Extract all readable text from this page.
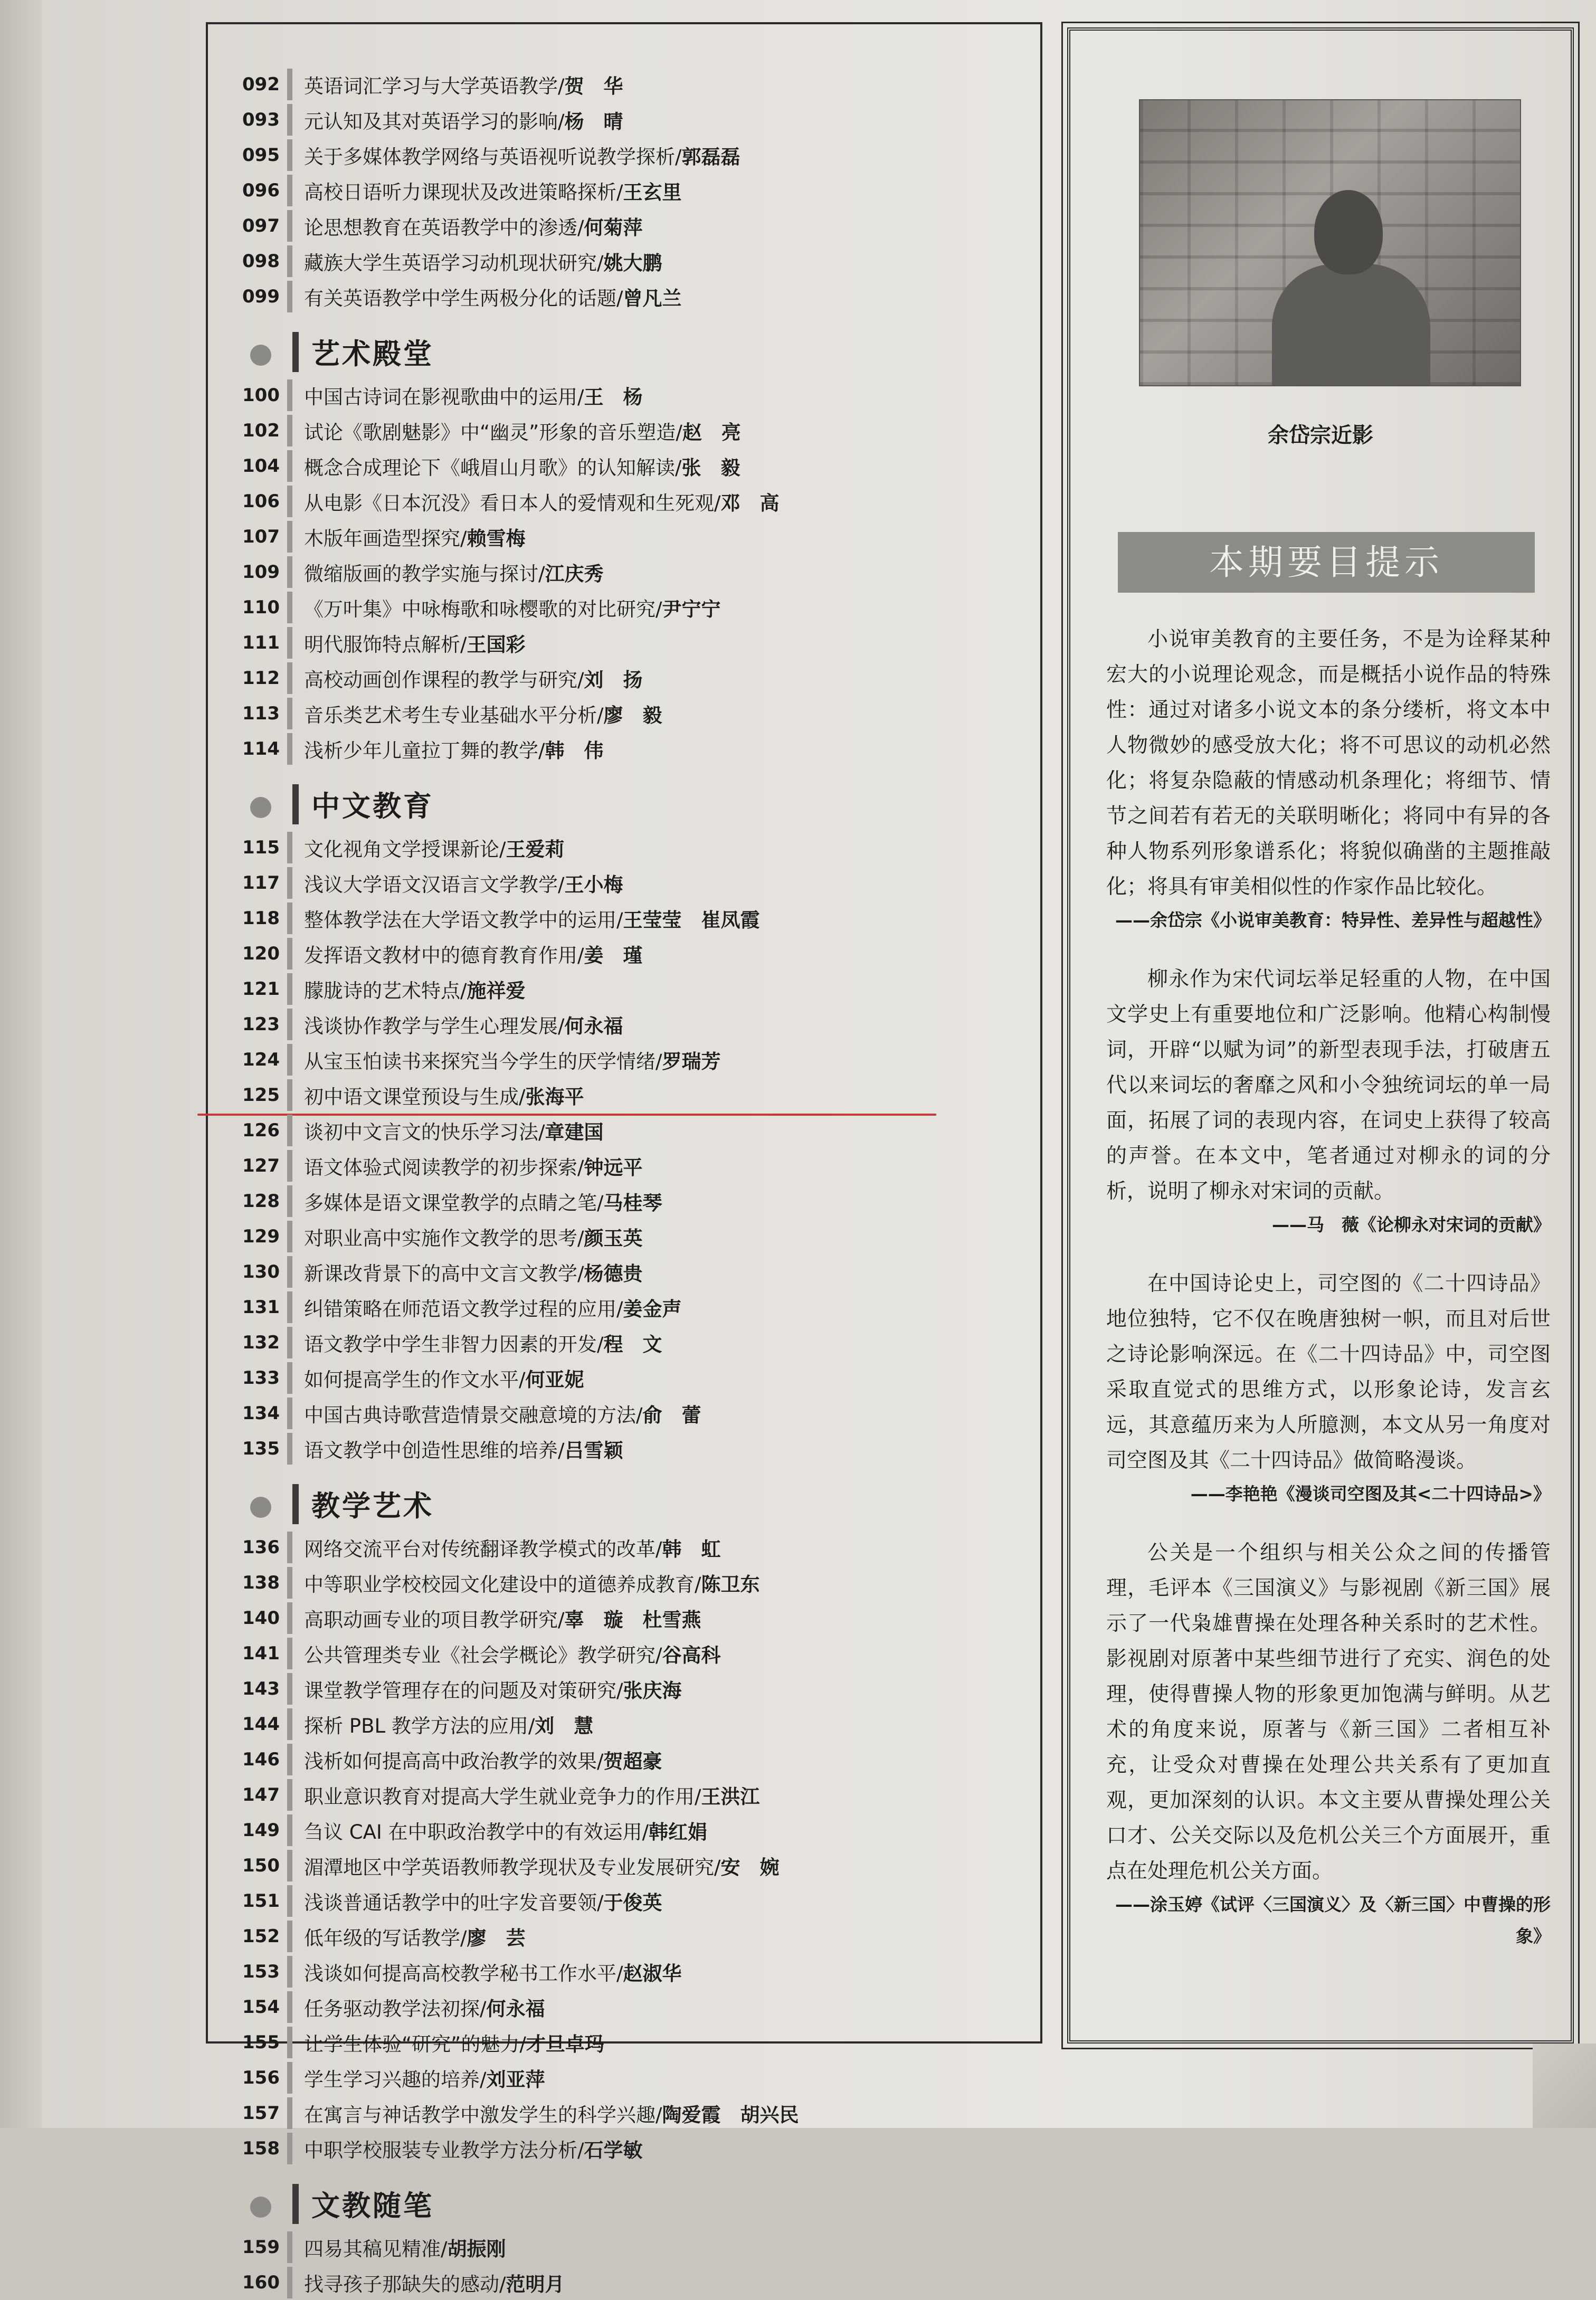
092	英语词汇学习与大学英语教学/ 贺　华
093	元认知及其对英语学习的影响/ 杨　晴
095	关于多媒体教学网络与英语视听说教学探析/ 郭磊磊
096	高校日语听力课现状及改进策略探析/ 王玄里
097	论思想教育在英语教学中的渗透/ 何菊萍
098	藏族大学生英语学习动机现状研究/ 姚大鹏
099	有关英语教学中学生两极分化的话题/ 曾凡兰
艺术殿堂
100	中国古诗词在影视歌曲中的运用/ 王　杨
102	试论《歌剧魅影》中“幽灵”形象的音乐塑造/ 赵　亮
104	概念合成理论下《峨眉山月歌》的认知解读/ 张　毅
106	从电影《日本沉没》看日本人的爱情观和生死观/ 邓　高
107	木版年画造型探究/ 赖雪梅
109	微缩版画的教学实施与探讨/ 江庆秀
110	《万叶集》中咏梅歌和咏樱歌的对比研究/ 尹宁宁
111	明代服饰特点解析/ 王国彩
112	高校动画创作课程的教学与研究/ 刘　扬
113	音乐类艺术考生专业基础水平分析/ 廖　毅
114	浅析少年儿童拉丁舞的教学/ 韩　伟
中文教育
115	文化视角文学授课新论/ 王爱莉
117	浅议大学语文汉语言文学教学/ 王小梅
118	整体教学法在大学语文教学中的运用/ 王莹莹　崔凤霞
120	发挥语文教材中的德育教育作用/ 姜　瑾
121	朦胧诗的艺术特点/ 施祥爱
123	浅谈协作教学与学生心理发展/ 何永福
124	从宝玉怕读书来探究当今学生的厌学情绪/ 罗瑞芳
125	初中语文课堂预设与生成/ 张海平
126	谈初中文言文的快乐学习法/ 章建国
127	语文体验式阅读教学的初步探索/ 钟远平
128	多媒体是语文课堂教学的点睛之笔/ 马桂琴
129	对职业高中实施作文教学的思考/ 颜玉英
130	新课改背景下的高中文言文教学/ 杨德贵
131	纠错策略在师范语文教学过程的应用/ 姜金声
132	语文教学中学生非智力因素的开发/ 程　文
133	如何提高学生的作文水平/ 何亚妮
134	中国古典诗歌营造情景交融意境的方法/ 俞　蕾
135	语文教学中创造性思维的培养/ 吕雪颖
教学艺术
136	网络交流平台对传统翻译教学模式的改革/ 韩　虹
138	中等职业学校校园文化建设中的道德养成教育/ 陈卫东
140	高职动画专业的项目教学研究/ 辜　璇　杜雪燕
141	公共管理类专业《社会学概论》教学研究/ 谷高科
143	课堂教学管理存在的问题及对策研究/ 张庆海
144	探析 PBL 教学方法的应用/ 刘　慧
146	浅析如何提高高中政治教学的效果/ 贺超豪
147	职业意识教育对提高大学生就业竞争力的作用/ 王洪江
149	刍议 CAI 在中职政治教学中的有效运用/ 韩红娟
150	湄潭地区中学英语教师教学现状及专业发展研究/ 安　婉
151	浅谈普通话教学中的吐字发音要领/ 于俊英
152	低年级的写话教学/ 廖　芸
153	浅谈如何提高高校教学秘书工作水平/ 赵淑华
154	任务驱动教学法初探/ 何永福
155	让学生体验“研究”的魅力/ 才旦卓玛
156	学生学习兴趣的培养/ 刘亚萍
157	在寓言与神话教学中激发学生的科学兴趣/ 陶爱霞　胡兴民
158	中职学校服装专业教学方法分析/ 石学敏
文教随笔
159	四易其稿见精准/ 胡振刚
160	找寻孩子那缺失的感动/ 范明月
余岱宗近影
本期要目提示
小说审美教育的主要任务，不是为诠释某种宏大的小说理论观念，而是概括小说作品的特殊性：通过对诸多小说文本的条分缕析，将文本中人物微妙的感受放大化；将不可思议的动机必然化；将复杂隐蔽的情感动机条理化；将细节、情节之间若有若无的关联明晰化；将同中有异的各种人物系列形象谱系化；将貌似确凿的主题推敲化；将具有审美相似性的作家作品比较化。
——余岱宗《小说审美教育：特异性、差异性与超越性》
柳永作为宋代词坛举足轻重的人物，在中国文学史上有重要地位和广泛影响。他精心构制慢词，开辟“以赋为词”的新型表现手法，打破唐五代以来词坛的奢靡之风和小令独统词坛的单一局面，拓展了词的表现内容，在词史上获得了较高的声誉。在本文中，笔者通过对柳永的词的分析，说明了柳永对宋词的贡献。
——马　薇《论柳永对宋词的贡献》
在中国诗论史上，司空图的《二十四诗品》地位独特，它不仅在晚唐独树一帜，而且对后世之诗论影响深远。在《二十四诗品》中，司空图采取直觉式的思维方式，以形象论诗，发言玄远，其意蕴历来为人所臆测，本文从另一角度对司空图及其《二十四诗品》做简略漫谈。
——李艳艳《漫谈司空图及其<二十四诗品>》
公关是一个组织与相关公众之间的传播管理，毛评本《三国演义》与影视剧《新三国》展示了一代枭雄曹操在处理各种关系时的艺术性。影视剧对原著中某些细节进行了充实、润色的处理，使得曹操人物的形象更加饱满与鲜明。从艺术的角度来说，原著与《新三国》二者相互补充，让受众对曹操在处理公共关系有了更加直观，更加深刻的认识。本文主要从曹操处理公关口才、公关交际以及危机公关三个方面展开，重点在处理危机公关方面。
——涂玉婷《试评〈三国演义〉及〈新三国〉中曹操的形象》
